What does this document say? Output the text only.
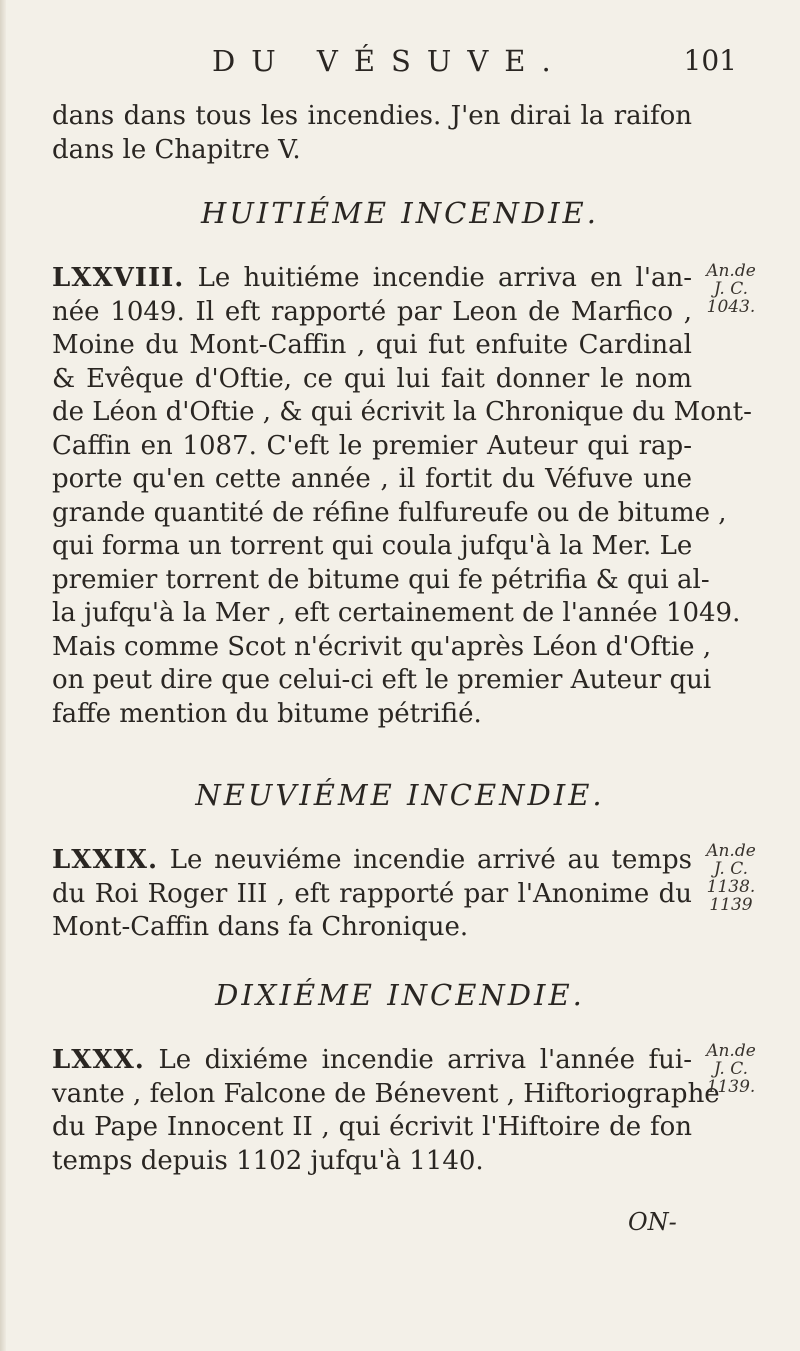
DU VÉSUVE.	101
dans dans tous les incendies. J'en dirai la raifon
dans le Chapitre V.
HUITIÉME INCENDIE.
LXXVIII. Le huitiéme incendie arriva en l'an-
née 1049. Il eft rapporté par Leon de Marfico ,
Moine du Mont-Caffin , qui fut enfuite Cardinal
& Evêque d'Oftie, ce qui lui fait donner le nom
de Léon d'Oftie , & qui écrivit la Chronique du Mont-
Caffin en 1087. C'eft le premier Auteur qui rap-
porte qu'en cette année , il fortit du Véfuve une
grande quantité de réfine fulfureufe ou de bitume ,
qui forma un torrent qui coula jufqu'à la Mer. Le
premier torrent de bitume qui fe pétrifia & qui al-
la jufqu'à la Mer , eft certainement de l'année 1049.
Mais comme Scot n'écrivit qu'après Léon d'Oftie ,
on peut dire que celui-ci eft le premier Auteur qui
faffe mention du bitume pétrifié.
An.de
J. C.
1043.
NEUVIÉME INCENDIE.
LXXIX. Le neuviéme incendie arrivé au temps
du Roi Roger III , eft rapporté par l'Anonime du
Mont-Caffin dans fa Chronique.
An.de
J. C.
1138.
1139
DIXIÉME INCENDIE.
LXXX. Le dixiéme incendie arriva l'année fui-
vante , felon Falcone de Bénevent , Hiftoriographe
du Pape Innocent II , qui écrivit l'Hiftoire de fon
temps depuis 1102 jufqu'à 1140.
An.de
J. C.
1139.
ON-
